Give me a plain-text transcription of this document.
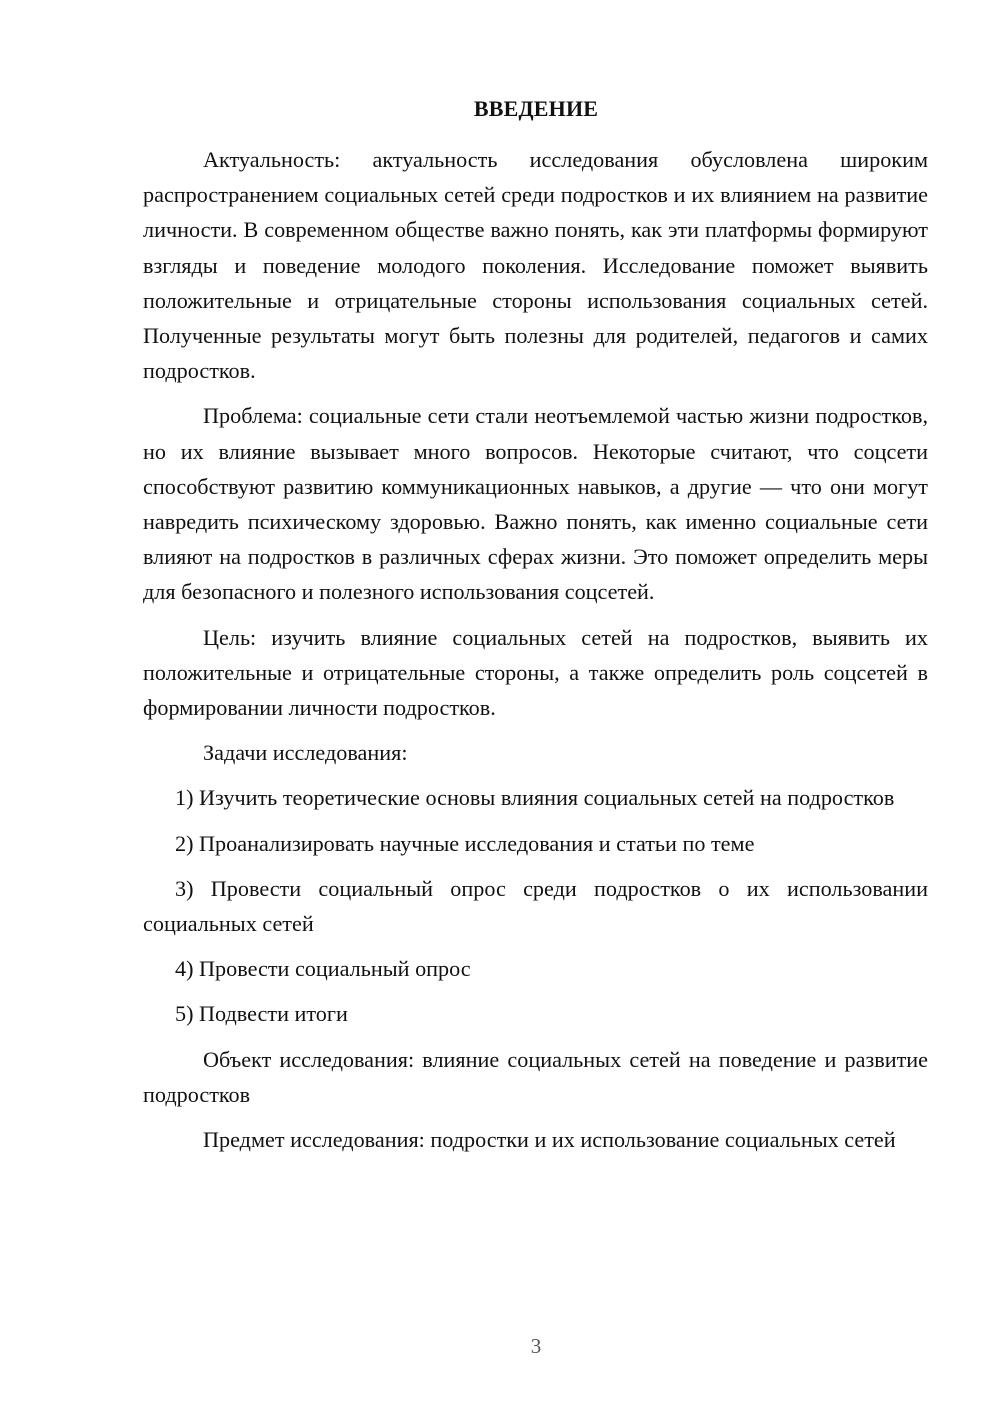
ВВЕДЕНИЕ

Актуальность: актуальность исследования обусловлена широким распространением социальных сетей среди подростков и их влиянием на развитие личности. В современном обществе важно понять, как эти платформы формируют взгляды и поведение молодого поколения. Исследование поможет выявить положительные и отрицательные стороны использования социальных сетей. Полученные результаты могут быть полезны для родителей, педагогов и самих подростков.

Проблема: социальные сети стали неотъемлемой частью жизни подростков, но их влияние вызывает много вопросов. Некоторые считают, что соцсети способствуют развитию коммуникационных навыков, а другие — что они могут навредить психическому здоровью. Важно понять, как именно социальные сети влияют на подростков в различных сферах жизни. Это поможет определить меры для безопасного и полезного использования соцсетей.

Цель: изучить влияние социальных сетей на подростков, выявить их положительные и отрицательные стороны, а также определить роль соцсетей в формировании личности подростков.

Задачи исследования:

1) Изучить теоретические основы влияния социальных сетей на подростков

2) Проанализировать научные исследования и статьи по теме

3) Провести социальный опрос среди подростков о их использовании социальных сетей

4) Провести социальный опрос

5) Подвести итоги

Объект исследования: влияние социальных сетей на поведение и развитие подростков

Предмет исследования: подростки и их использование социальных сетей

3
